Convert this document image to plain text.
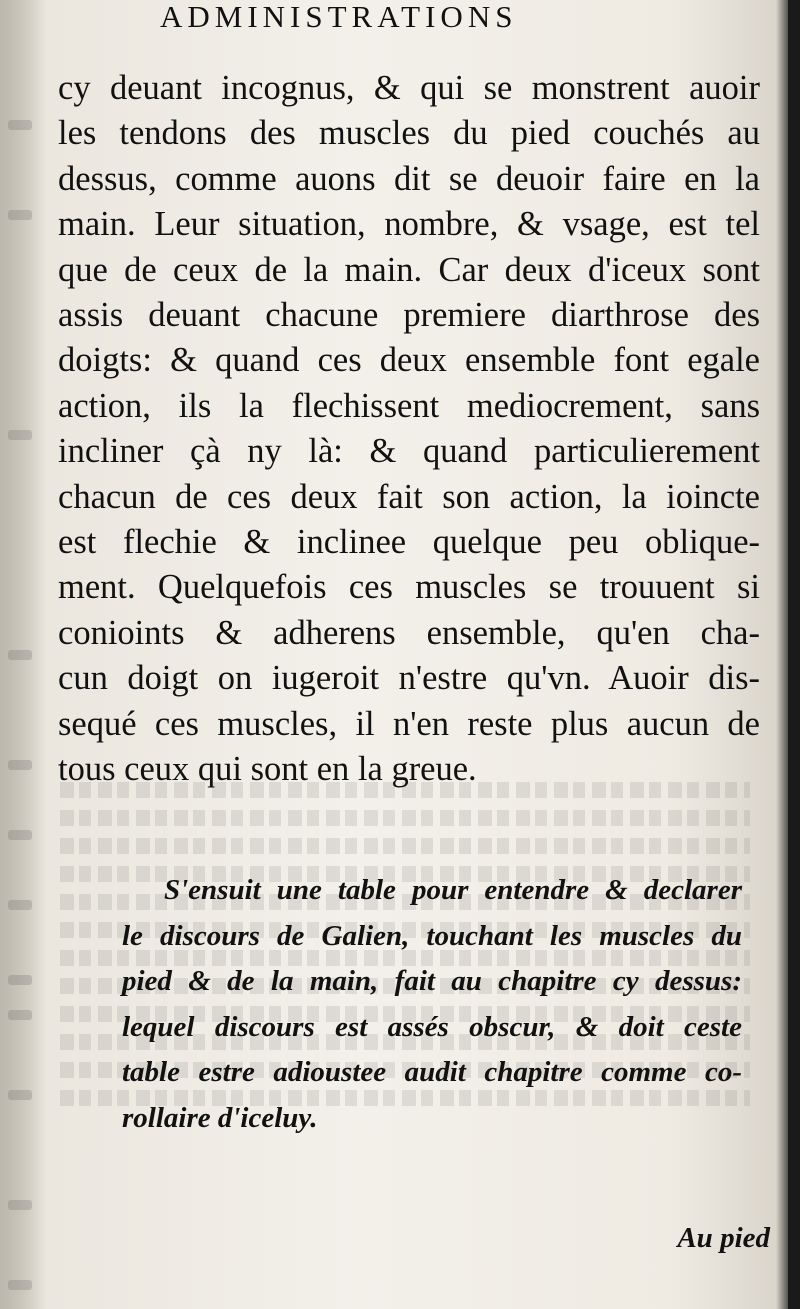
ADMINISTRATIONS
cy deuant incognus, & qui se monstrent auoir
les tendons des muscles du pied couchés au
dessus, comme auons dit se deuoir faire en la
main. Leur situation, nombre, & vsage, est tel
que de ceux de la main. Car deux d'iceux sont
assis deuant chacune premiere diarthrose des
doigts: & quand ces deux ensemble font egale
action, ils la flechissent mediocrement, sans
incliner çà ny là: & quand particulierement
chacun de ces deux fait son action, la ioincte
est flechie & inclinee quelque peu oblique-
ment. Quelquefois ces muscles se trouuent si
conioints & adherens ensemble, qu'en cha-
cun doigt on iugeroit n'estre qu'vn. Auoir dis-
sequé ces muscles, il n'en reste plus aucun de
tous ceux qui sont en la greue.
S'ensuit une table pour entendre & declarer
le discours de Galien, touchant les muscles du
pied & de la main, fait au chapitre cy dessus:
lequel discours est assés obscur, & doit ceste
table estre adioustee audit chapitre comme co-
rollaire d'iceluy.
Au pied
